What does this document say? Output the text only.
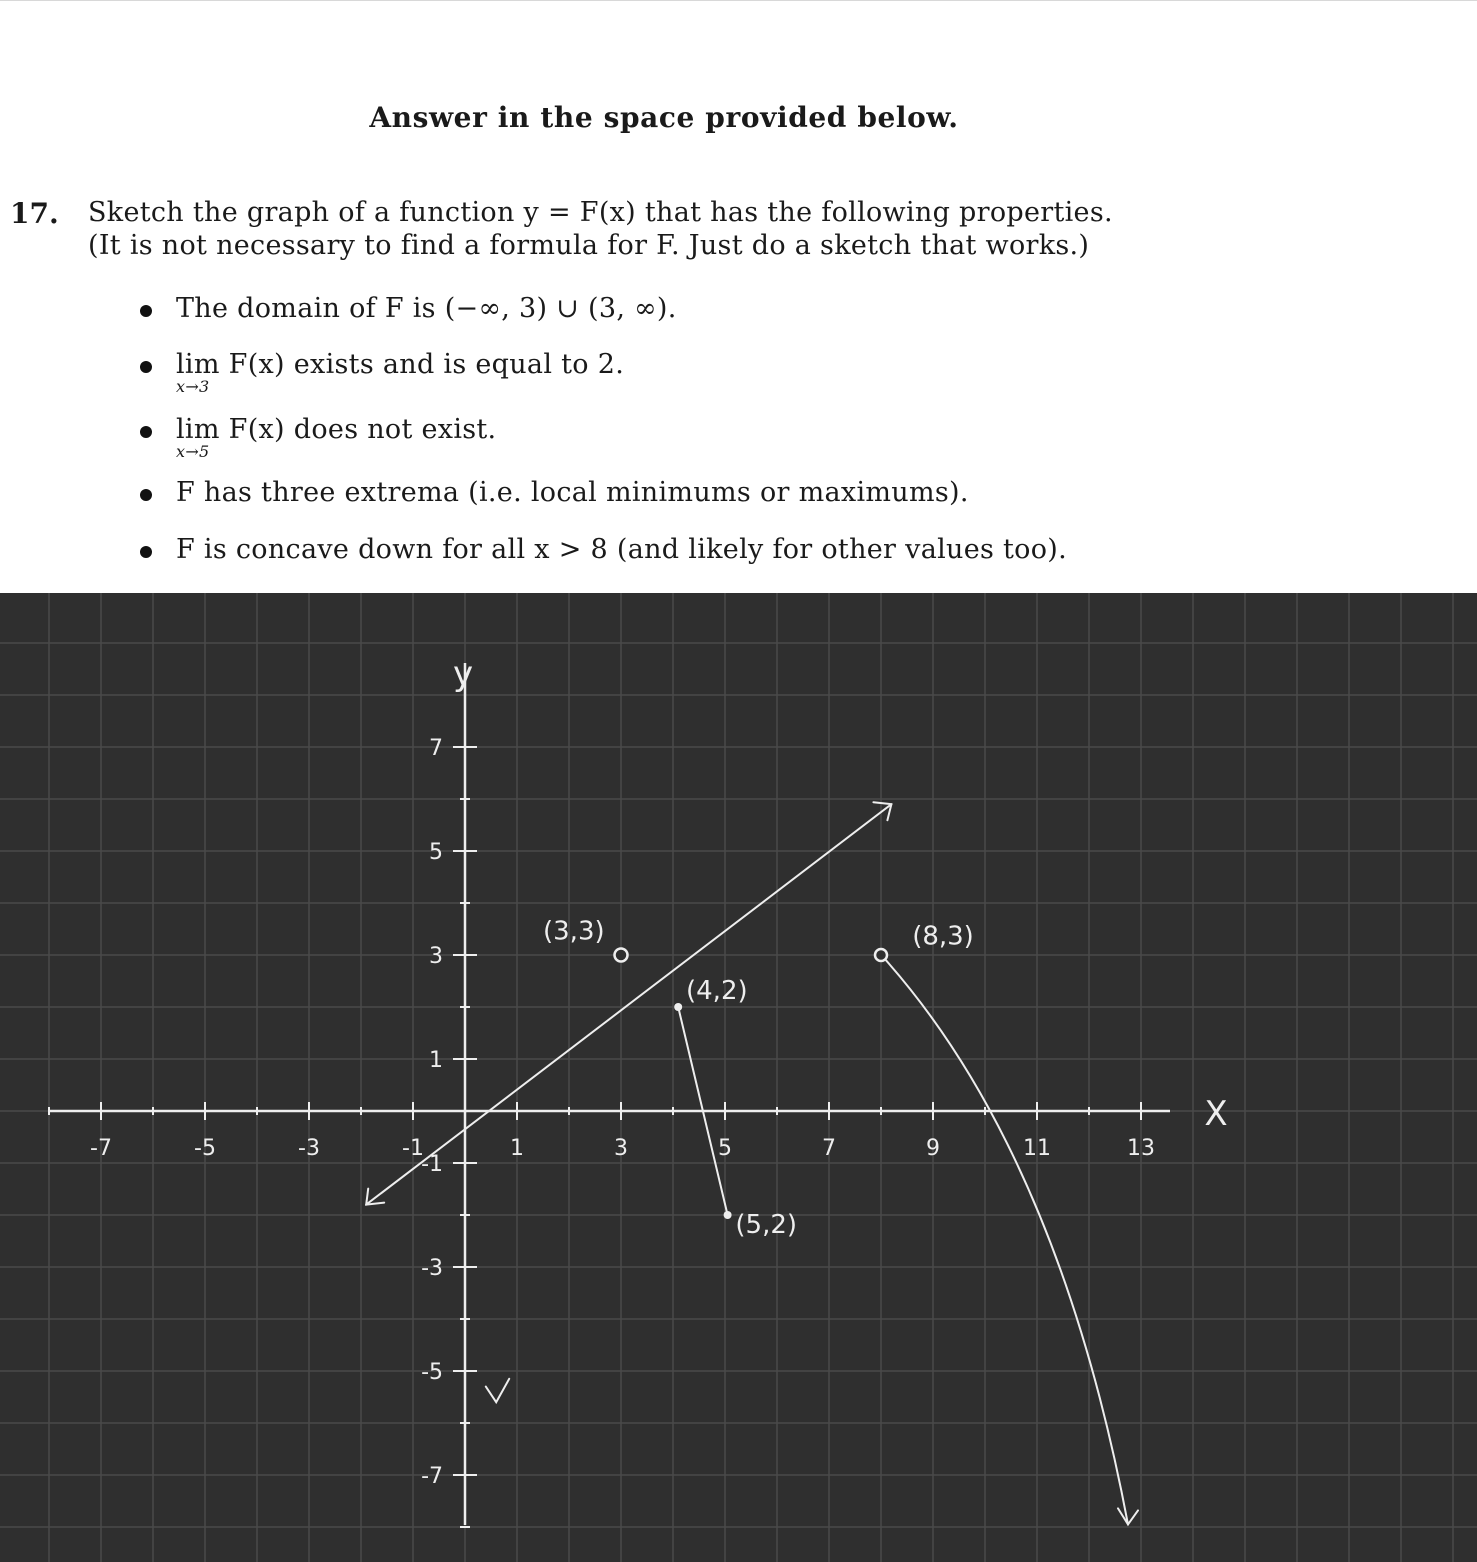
Answer in the space provided below.
17. Sketch the graph of a function y = F(x) that has the following properties.
(It is not necessary to find a formula for F. Just do a sketch that works.)
The domain of F is (−∞, 3) ∪ (3, ∞).
lim
x→3
F(x) exists and is equal to 2.
lim
x→5
F(x) does not exist.
F has three extrema (i.e. local minimums or maximums).
F is concave down for all x > 8 (and likely for other values too).
X
y
-7	-5	-3	-1	1	3	5	7	9	11	13
7
5
3
1
-1
-3
-5
-7
(3,3)
(4,2)
(8,3)
(5,2)
